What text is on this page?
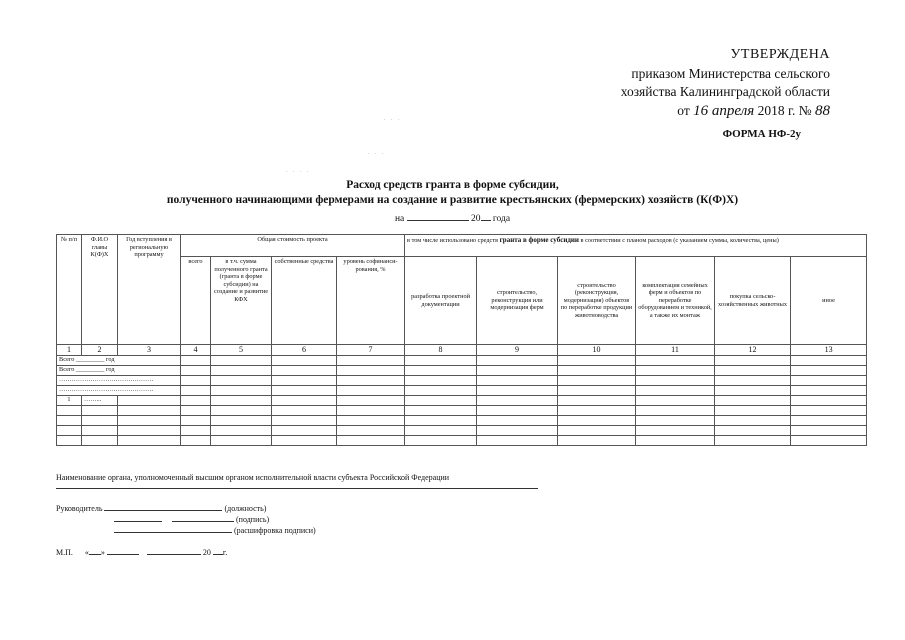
УТВЕРЖДЕНА
приказом Министерства сельского
хозяйства Калининградской области
от 16 апреля 2018 г. № 88
ФОРМА НФ-2у
. . .
. . .
. . . .
Расход средств гранта в форме субсидии,
полученного начинающими фермерами на создание и развитие крестьянских (фермерских) хозяйств (К(Ф)Х)
на	20 года
№ п/п	Ф.И.О главы К(Ф)Х	Год вступления в региональную программу	Общая стоимость проекта				в том числе использовано средств гранта в форме субсидии в соответствии с планом расходов (с указанием суммы, количества, цены)					
			всего	в т.ч. сумма полученного гранта (гранта в форме субсидии) на создание и развитие КФХ	собственные средства	уровень софинанси-рования, %	разработка проектной документации	строительство, реконструкция или модернизация ферм	строительство (реконструкция, модернизация) объектов по переработке продукции животноводства	комплектация семейных ферм и объектов по переработке оборудованием и техникой, а также их монтаж	покупка сельско-хозяйственных животных	иное
1	2	3	4	5	6	7	8	9	10	11	12	13
Всего _________ год												
Всего _________ год												
………………………………………												
………………………………………												
1	……...											

Наименование органа, уполномоченный высшим органом исполнительной власти субъекта Российской Федерации
Руководитель	(должность)
(подпись)
(расшифровка подписи)
М.П. « »	20 г.
